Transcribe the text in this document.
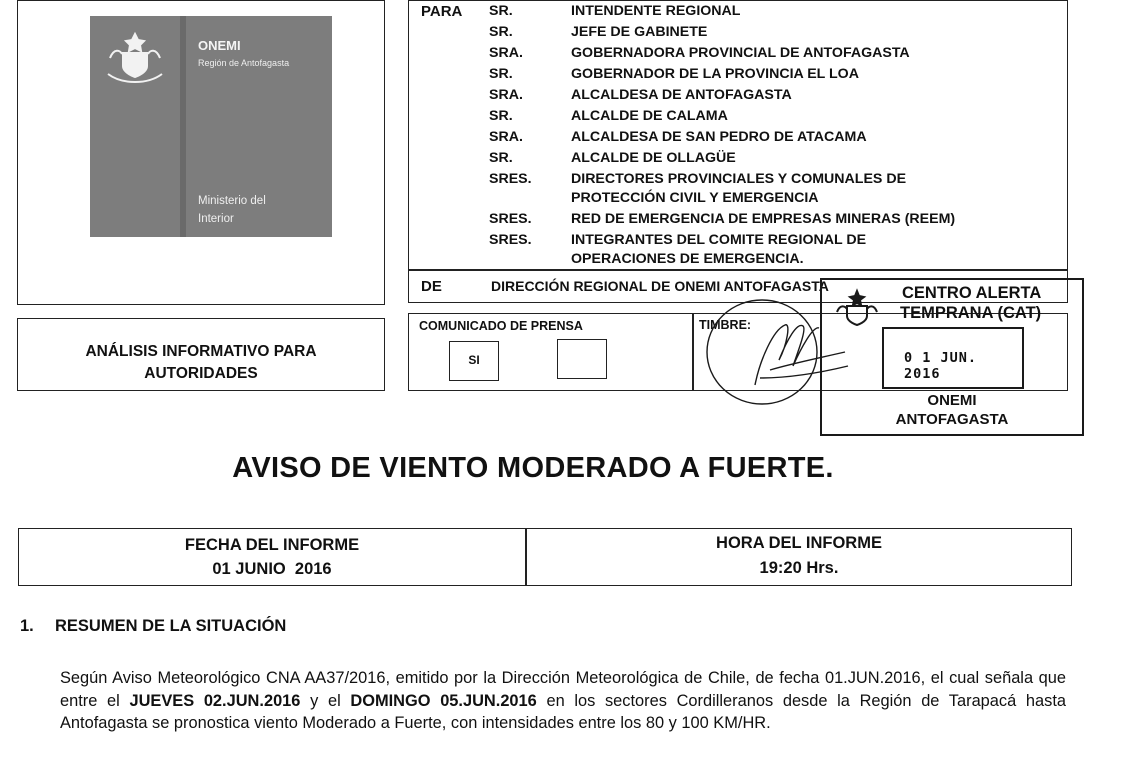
ONEMI
Región de Antofagasta
Ministerio del
Interior
PARA SR.	INTENDENTE REGIONAL
SR.	JEFE DE GABINETE
SRA.	GOBERNADORA PROVINCIAL DE ANTOFAGASTA
SR.	GOBERNADOR DE LA PROVINCIA EL LOA
SRA.	ALCALDESA DE ANTOFAGASTA
SR.	ALCALDE DE CALAMA
SRA.	ALCALDESA DE SAN PEDRO DE ATACAMA
SR.	ALCALDE DE OLLAGÜE
SRES.	DIRECTORES PROVINCIALES Y COMUNALES DE
PROTECCIÓN CIVIL Y EMERGENCIA
SRES.	RED DE EMERGENCIA DE EMPRESAS MINERAS (REEM)
SRES.	INTEGRANTES DEL COMITE REGIONAL DE
OPERACIONES DE EMERGENCIA.
DE	DIRECCIÓN REGIONAL DE ONEMI ANTOFAGASTA
ANÁLISIS INFORMATIVO PARA
AUTORIDADES
COMUNICADO DE PRENSA
SI
TIMBRE:
CENTRO ALERTA
TEMPRANA (CAT)
0 1 JUN. 2016
ONEMI
ANTOFAGASTA
AVISO DE VIENTO MODERADO A FUERTE.
FECHA DEL INFORME
01 JUNIO  2016
HORA DEL INFORME
19:20 Hrs.
1. RESUMEN DE LA SITUACIÓN
Según Aviso Meteorológico CNA AA37/2016, emitido por la Dirección Meteorológica de Chile, de fecha 01.JUN.2016, el cual señala que entre el JUEVES 02.JUN.2016 y el DOMINGO 05.JUN.2016 en los sectores Cordilleranos desde la Región de Tarapacá hasta Antofagasta se pronostica viento Moderado a Fuerte, con intensidades entre los 80 y 100 KM/HR.
